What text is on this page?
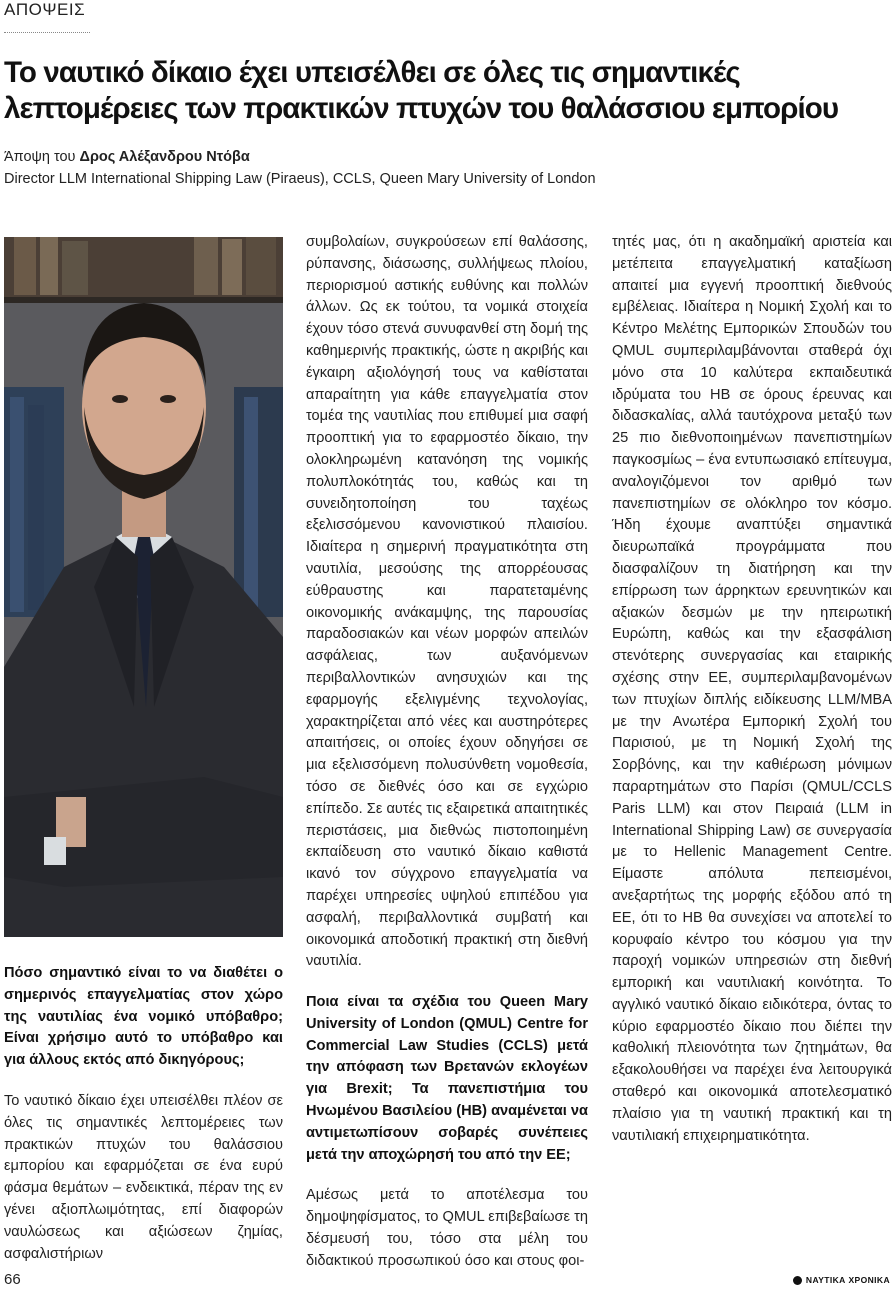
ΑΠΟΨΕΙΣ
Το ναυτικό δίκαιο έχει υπεισέλθει σε όλες τις σημαντικές λεπτομέρειες των πρακτικών πτυχών του θαλάσσιου εμπορίου
Άποψη του Δρος Αλέξανδρου Ντόβα
Director LLM International Shipping Law (Piraeus), CCLS, Queen Mary University of London

Πόσο σημαντικό είναι το να διαθέτει ο σημερινός επαγγελματίας στον χώρο της ναυτιλίας ένα νομικό υπόβαθρο; Είναι χρήσιμο αυτό το υπόβαθρο και για άλλους εκτός από δικηγόρους;

Το ναυτικό δίκαιο έχει υπεισέλθει πλέον σε όλες τις σημαντικές λεπτομέρειες των πρακτικών πτυχών του θαλάσσιου εμπορίου και εφαρμόζεται σε ένα ευρύ φάσμα θεμάτων – ενδεικτικά, πέραν της εν γένει αξιοπλωιμότητας, επί διαφορών ναυλώσεως και αξιώσεων ζημίας, ασφαλιστήριων

συμβολαίων, συγκρούσεων επί θαλάσσης, ρύπανσης, διάσωσης, συλλήψεως πλοίου, περιορισμού αστικής ευθύνης και πολλών άλλων. Ως εκ τούτου, τα νομικά στοιχεία έχουν τόσο στενά συνυφανθεί στη δομή της καθημερινής πρακτικής, ώστε η ακριβής και έγκαιρη αξιολόγησή τους να καθίσταται απαραίτητη για κάθε επαγγελματία στον τομέα της ναυτιλίας που επιθυμεί μια σαφή προοπτική για το εφαρμοστέο δίκαιο, την ολοκληρωμένη κατανόηση της νομικής πολυπλοκότητάς του, καθώς και τη συνειδητοποίηση του ταχέως εξελισσόμενου κανονιστικού πλαισίου. Ιδιαίτερα η σημερινή πραγματικότητα στη ναυτιλία, μεσούσης της απορρέουσας εύθραυστης και παρατεταμένης οικονομικής ανάκαμψης, της παρουσίας παραδοσιακών και νέων μορφών απειλών ασφάλειας, των αυξανόμενων περιβαλλοντικών ανησυχιών και της εφαρμογής εξελιγμένης τεχνολογίας, χαρακτηρίζεται από νέες και αυστηρότερες απαιτήσεις, οι οποίες έχουν οδηγήσει σε μια εξελισσόμενη πολυσύνθετη νομοθεσία, τόσο σε διεθνές όσο και σε εγχώριο επίπεδο. Σε αυτές τις εξαιρετικά απαιτητικές περιστάσεις, μια διεθνώς πιστοποιημένη εκπαίδευση στο ναυτικό δίκαιο καθιστά ικανό τον σύγχρονο επαγγελματία να παρέχει υπηρεσίες υψηλού επιπέδου για ασφαλή, περιβαλλοντικά συμβατή και οικονομικά αποδοτική πρακτική στη διεθνή ναυτιλία.

Ποια είναι τα σχέδια του Queen Mary University of London (QMUL) Centre for Commercial Law Studies (CCLS) μετά την απόφαση των Βρετανών εκλογέων για Brexit; Τα πανεπιστήμια του Ηνωμένου Βασιλείου (ΗΒ) αναμένεται να αντιμετωπίσουν σοβαρές συνέπειες μετά την αποχώρησή του από την ΕΕ;

Αμέσως μετά το αποτέλεσμα του δημοψηφίσματος, το QMUL επιβεβαίωσε τη δέσμευσή του, τόσο στα μέλη του διδακτικού προσωπικού όσο και στους φοι-

τητές μας, ότι η ακαδημαϊκή αριστεία και μετέπειτα επαγγελματική καταξίωση απαιτεί μια εγγενή προοπτική διεθνούς εμβέλειας. Ιδιαίτερα η Νομική Σχολή και το Κέντρο Μελέτης Εμπορικών Σπουδών του QMUL συμπεριλαμβάνονται σταθερά όχι μόνο στα 10 καλύτερα εκπαιδευτικά ιδρύματα του ΗΒ σε όρους έρευνας και διδασκαλίας, αλλά ταυτόχρονα μεταξύ των 25 πιο διεθνοποιημένων πανεπιστημίων παγκοσμίως – ένα εντυπωσιακό επίτευγμα, αναλογιζόμενοι τον αριθμό των πανεπιστημίων σε ολόκληρο τον κόσμο. Ήδη έχουμε αναπτύξει σημαντικά διευρωπαϊκά προγράμματα που διασφαλίζουν τη διατήρηση και την επίρρωση των άρρηκτων ερευνητικών και αξιακών δεσμών με την ηπειρωτική Ευρώπη, καθώς και την εξασφάλιση στενότερης συνεργασίας και εταιρικής σχέσης στην ΕΕ, συμπεριλαμβανομένων των πτυχίων διπλής ειδίκευσης LLM/MBA με την Ανωτέρα Εμπορική Σχολή του Παρισιού, με τη Νομική Σχολή της Σορβόνης, και την καθιέρωση μόνιμων παραρτημάτων στο Παρίσι (QMUL/CCLS Paris LLM) και στον Πειραιά (LLM in International Shipping Law) σε συνεργασία με το Hellenic Management Centre. Είμαστε απόλυτα πεπεισμένοι, ανεξαρτήτως της μορφής εξόδου από τη ΕΕ, ότι το ΗΒ θα συνεχίσει να αποτελεί το κορυφαίο κέντρο του κόσμου για την παροχή νομικών υπηρεσιών στη διεθνή εμπορική και ναυτιλιακή κοινότητα. Το αγγλικό ναυτικό δίκαιο ειδικότερα, όντας το κύριο εφαρμοστέο δίκαιο που διέπει την καθολική πλειονότητα των ζητημάτων, θα εξακολουθήσει να παρέχει ένα λειτουργικά σταθερό και οικονομικά αποτελεσματικό πλαίσιο για τη ναυτική πρακτική και τη ναυτιλιακή επιχειρηματικότητα.

66	ΝΑΥΤΙΚΑ ΧΡΟΝΙΚΑ
